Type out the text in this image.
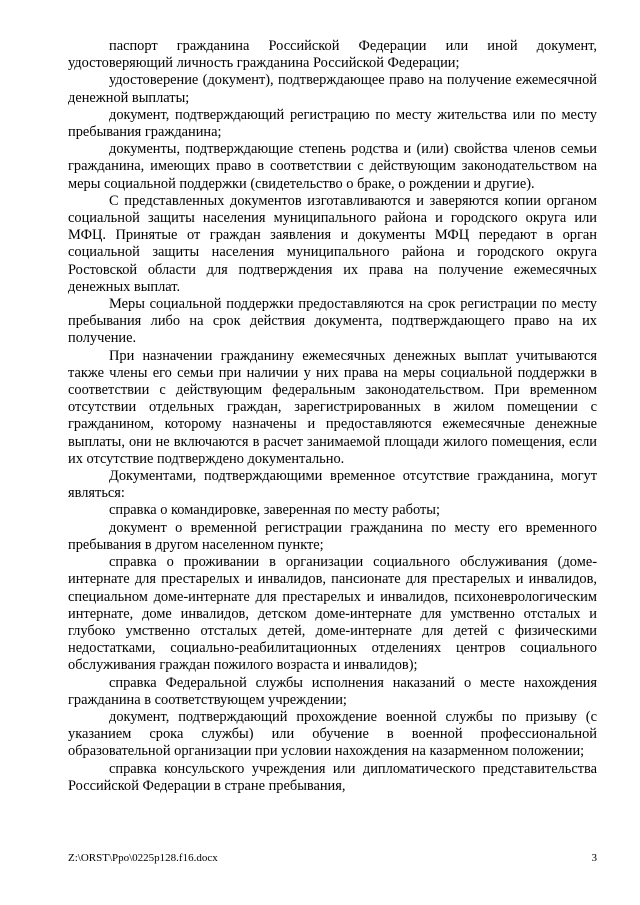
паспорт гражданина Российской Федерации или иной документ, удостоверяющий личность гражданина Российской Федерации;

удостоверение (документ), подтверждающее право на получение ежемесячной денежной выплаты;

документ, подтверждающий регистрацию по месту жительства или по месту пребывания гражданина;

документы, подтверждающие степень родства и (или) свойства членов семьи гражданина, имеющих право в соответствии с действующим законодательством на меры социальной поддержки (свидетельство о браке, о рождении и другие).

С представленных документов изготавливаются и заверяются копии органом социальной защиты населения муниципального района и городского округа или МФЦ. Принятые от граждан заявления и документы МФЦ передают в орган социальной защиты населения муниципального района и городского округа Ростовской области для подтверждения их права на получение ежемесячных денежных выплат.

Меры социальной поддержки предоставляются на срок регистрации по месту пребывания либо на срок действия документа, подтверждающего право на их получение.

При назначении гражданину ежемесячных денежных выплат учитываются также члены его семьи при наличии у них права на меры социальной поддержки в соответствии с действующим федеральным законодательством. При временном отсутствии отдельных граждан, зарегистрированных в жилом помещении с гражданином, которому назначены и предоставляются ежемесячные денежные выплаты, они не включаются в расчет занимаемой площади жилого помещения, если их отсутствие подтверждено документально.

Документами, подтверждающими временное отсутствие гражданина, могут являться:

справка о командировке, заверенная по месту работы;

документ о временной регистрации гражданина по месту его временного пребывания в другом населенном пункте;

справка о проживании в организации социального обслуживания (доме-интернате для престарелых и инвалидов, пансионате для престарелых и инвалидов, специальном доме-интернате для престарелых и инвалидов, психоневрологическим интернате, доме инвалидов, детском доме-интернате для умственно отсталых и глубоко умственно отсталых детей, доме-интернате для детей с физическими недостатками, социально-реабилитационных отделениях центров социального обслуживания граждан пожилого возраста и инвалидов);

справка Федеральной службы исполнения наказаний о месте нахождения гражданина в соответствующем учреждении;

документ, подтверждающий прохождение военной службы по призыву (с указанием срока службы) или обучение в военной профессиональной образовательной организации при условии нахождения на казарменном положении;

справка консульского учреждения или дипломатического представительства Российской Федерации в стране пребывания,

Z:\ORST\Ppo\0225p128.f16.docx	3
